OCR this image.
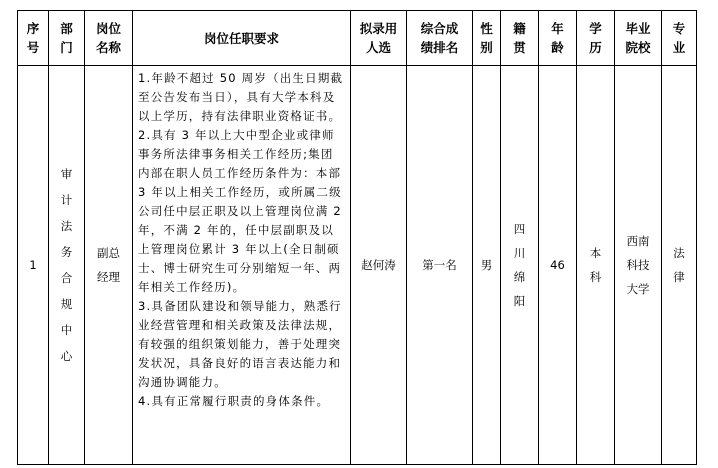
序号	部门	岗位名称	岗位任职要求	拟录用人选	综合成绩排名	性别	籍贯	年龄	学历	毕业院校	专业
1	审计法务合规中心	副总经理	1.年龄不超过 50 周岁（出生日期截至公告发布当日），具有大学本科及以上学历，持有法律职业资格证书。

2.具有 3 年以上大中型企业或律师事务所法律事务相关工作经历;集团内部在职人员工作经历条件为：本部 3 年以上相关工作经历，或所属二级公司任中层正职及以上管理岗位满 2 年，不满 2 年的，任中层副职及以上管理岗位累计 3 年以上(全日制硕士、博士研究生可分别缩短一年、两年相关工作经历)。

3.具备团队建设和领导能力，熟悉行业经营管理和相关政策及法律法规，有较强的组织策划能力，善于处理突发状况，具备良好的语言表达能力和沟通协调能力。

4.具有正常履行职责的身体条件。	赵何涛	第一名	男	四川绵阳	46	本科	西南科技大学	法律
